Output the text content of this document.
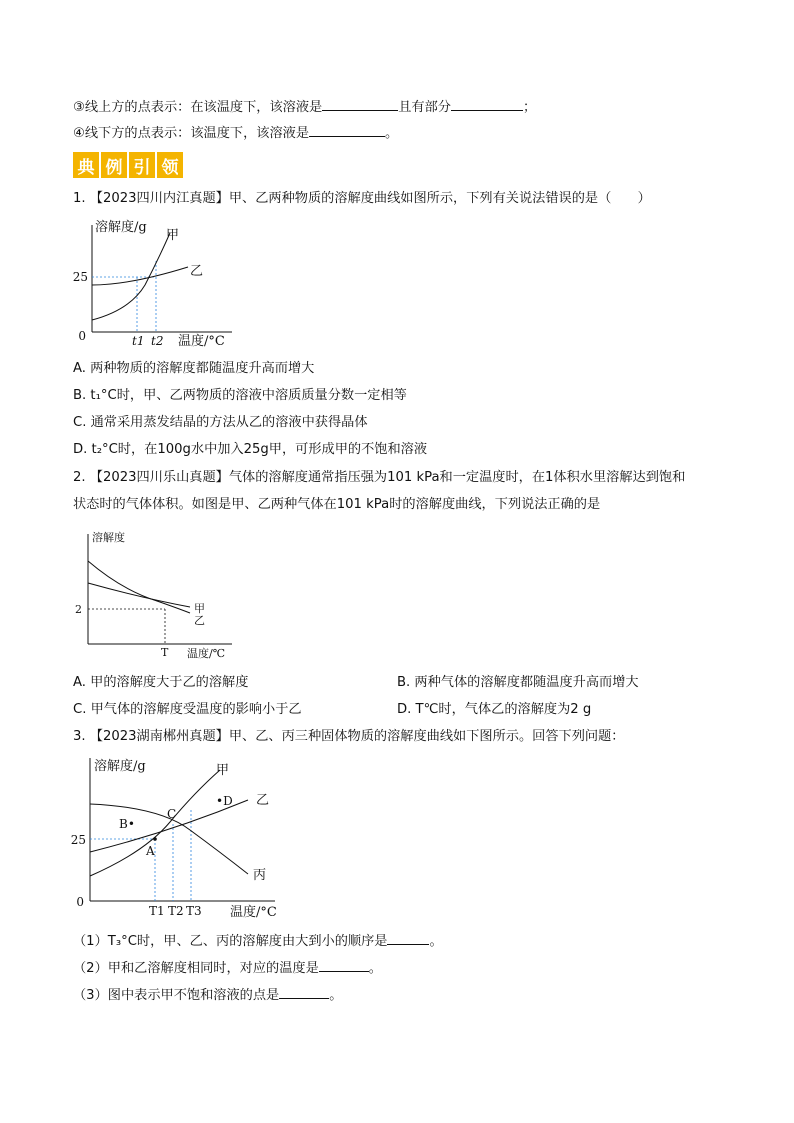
③线上方的点表示：在该温度下，该溶液是	且有部分	；
④线下方的点表示：该温度下，该溶液是	。
典 例 引 领
1. 【2023四川内江真题】甲、乙两种物质的溶解度曲线如图所示，下列有关说法错误的是（　　）
溶解度/g
0
25
甲
乙
t1 t2 温度/°C
A. 两种物质的溶解度都随温度升高而增大
B. t₁°C时，甲、乙两物质的溶液中溶质质量分数一定相等
C. 通常采用蒸发结晶的方法从乙的溶液中获得晶体
D. t₂°C时，在100g水中加入25g甲，可形成甲的不饱和溶液
2. 【2023四川乐山真题】气体的溶解度通常指压强为101 kPa和一定温度时，在1体积水里溶解达到饱和
状态时的气体体积。如图是甲、乙两种气体在101 kPa时的溶解度曲线，下列说法正确的是
溶解度
2	甲
乙
T 温度/℃
A. 甲的溶解度大于乙的溶解度	B. 两种气体的溶解度都随温度升高而增大
C. 甲气体的溶解度受温度的影响小于乙	D. T℃时，气体乙的溶解度为2 g
3. 【2023湖南郴州真题】甲、乙、丙三种固体物质的溶解度曲线如下图所示。回答下列问题：
溶解度/g
0
25
甲
乙
丙
A
B•
C
•D
T1 T2 T3 温度/°C
（1）T₃°C时，甲、乙、丙的溶解度由大到小的顺序是	。
（2）甲和乙溶解度相同时，对应的温度是	。
（3）图中表示甲不饱和溶液的点是	。
